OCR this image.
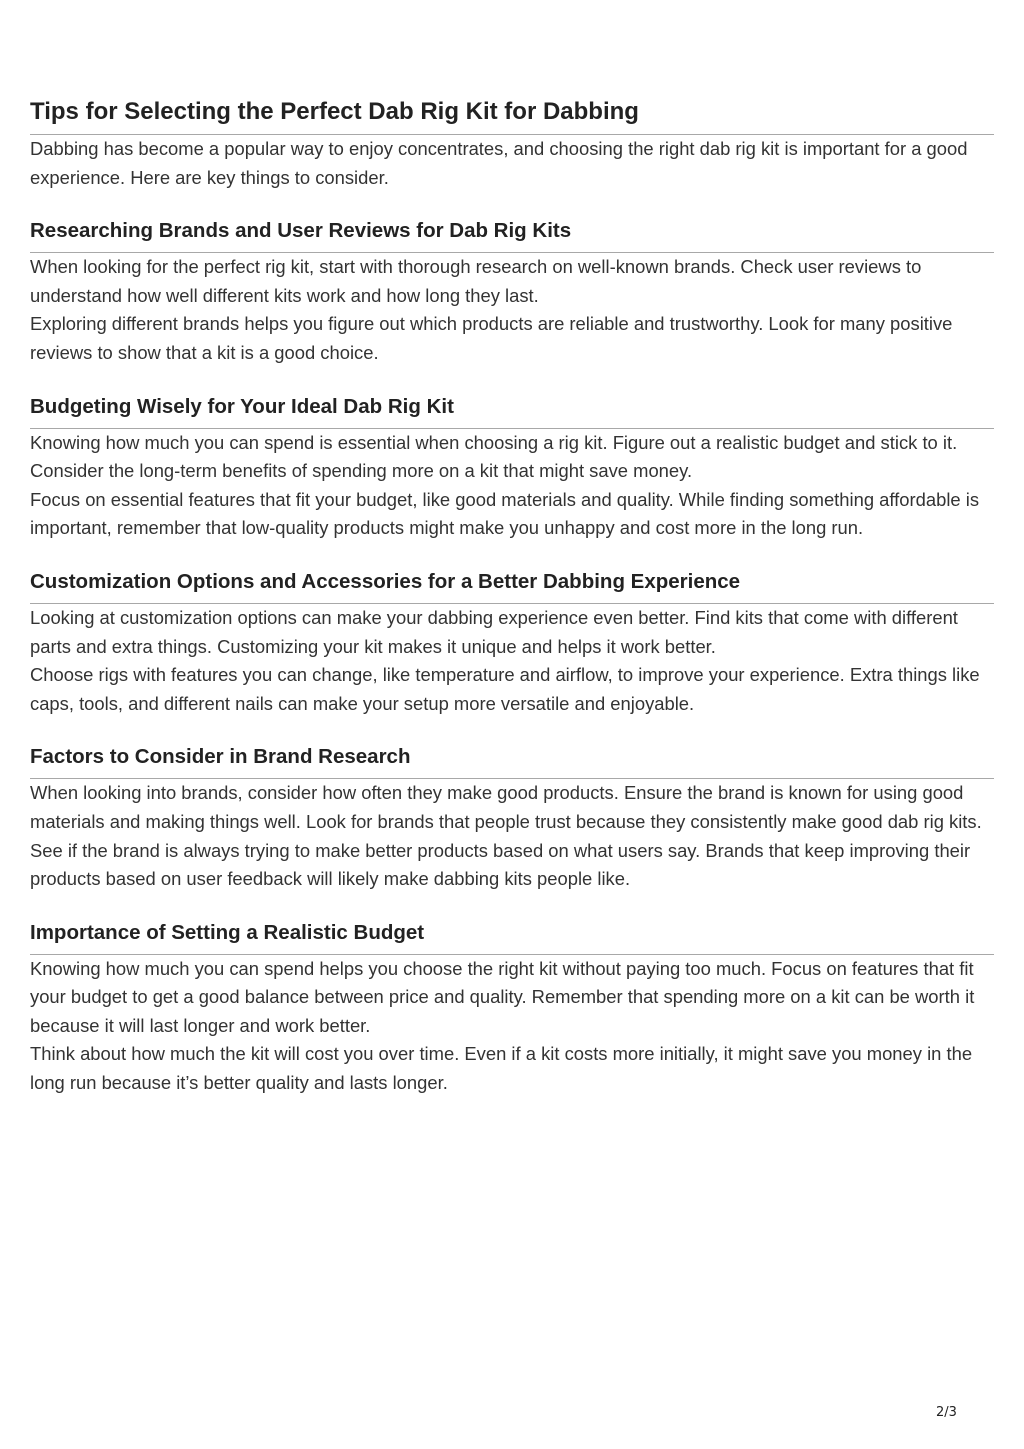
Tips for Selecting the Perfect Dab Rig Kit for Dabbing

Dabbing has become a popular way to enjoy concentrates, and choosing the right dab rig kit is important for a good experience. Here are key things to consider.

Researching Brands and User Reviews for Dab Rig Kits

When looking for the perfect rig kit, start with thorough research on well-known brands. Check user reviews to understand how well different kits work and how long they last.

Exploring different brands helps you figure out which products are reliable and trustworthy. Look for many positive reviews to show that a kit is a good choice.

Budgeting Wisely for Your Ideal Dab Rig Kit

Knowing how much you can spend is essential when choosing a rig kit. Figure out a realistic budget and stick to it. Consider the long-term benefits of spending more on a kit that might save money.

Focus on essential features that fit your budget, like good materials and quality. While finding something affordable is important, remember that low-quality products might make you unhappy and cost more in the long run.

Customization Options and Accessories for a Better Dabbing Experience

Looking at customization options can make your dabbing experience even better. Find kits that come with different parts and extra things. Customizing your kit makes it unique and helps it work better.

Choose rigs with features you can change, like temperature and airflow, to improve your experience. Extra things like caps, tools, and different nails can make your setup more versatile and enjoyable.

Factors to Consider in Brand Research

When looking into brands, consider how often they make good products. Ensure the brand is known for using good materials and making things well. Look for brands that people trust because they consistently make good dab rig kits.

See if the brand is always trying to make better products based on what users say. Brands that keep improving their products based on user feedback will likely make dabbing kits people like.

Importance of Setting a Realistic Budget

Knowing how much you can spend helps you choose the right kit without paying too much. Focus on features that fit your budget to get a good balance between price and quality. Remember that spending more on a kit can be worth it because it will last longer and work better.

Think about how much the kit will cost you over time. Even if a kit costs more initially, it might save you money in the long run because it’s better quality and lasts longer.

2/3
